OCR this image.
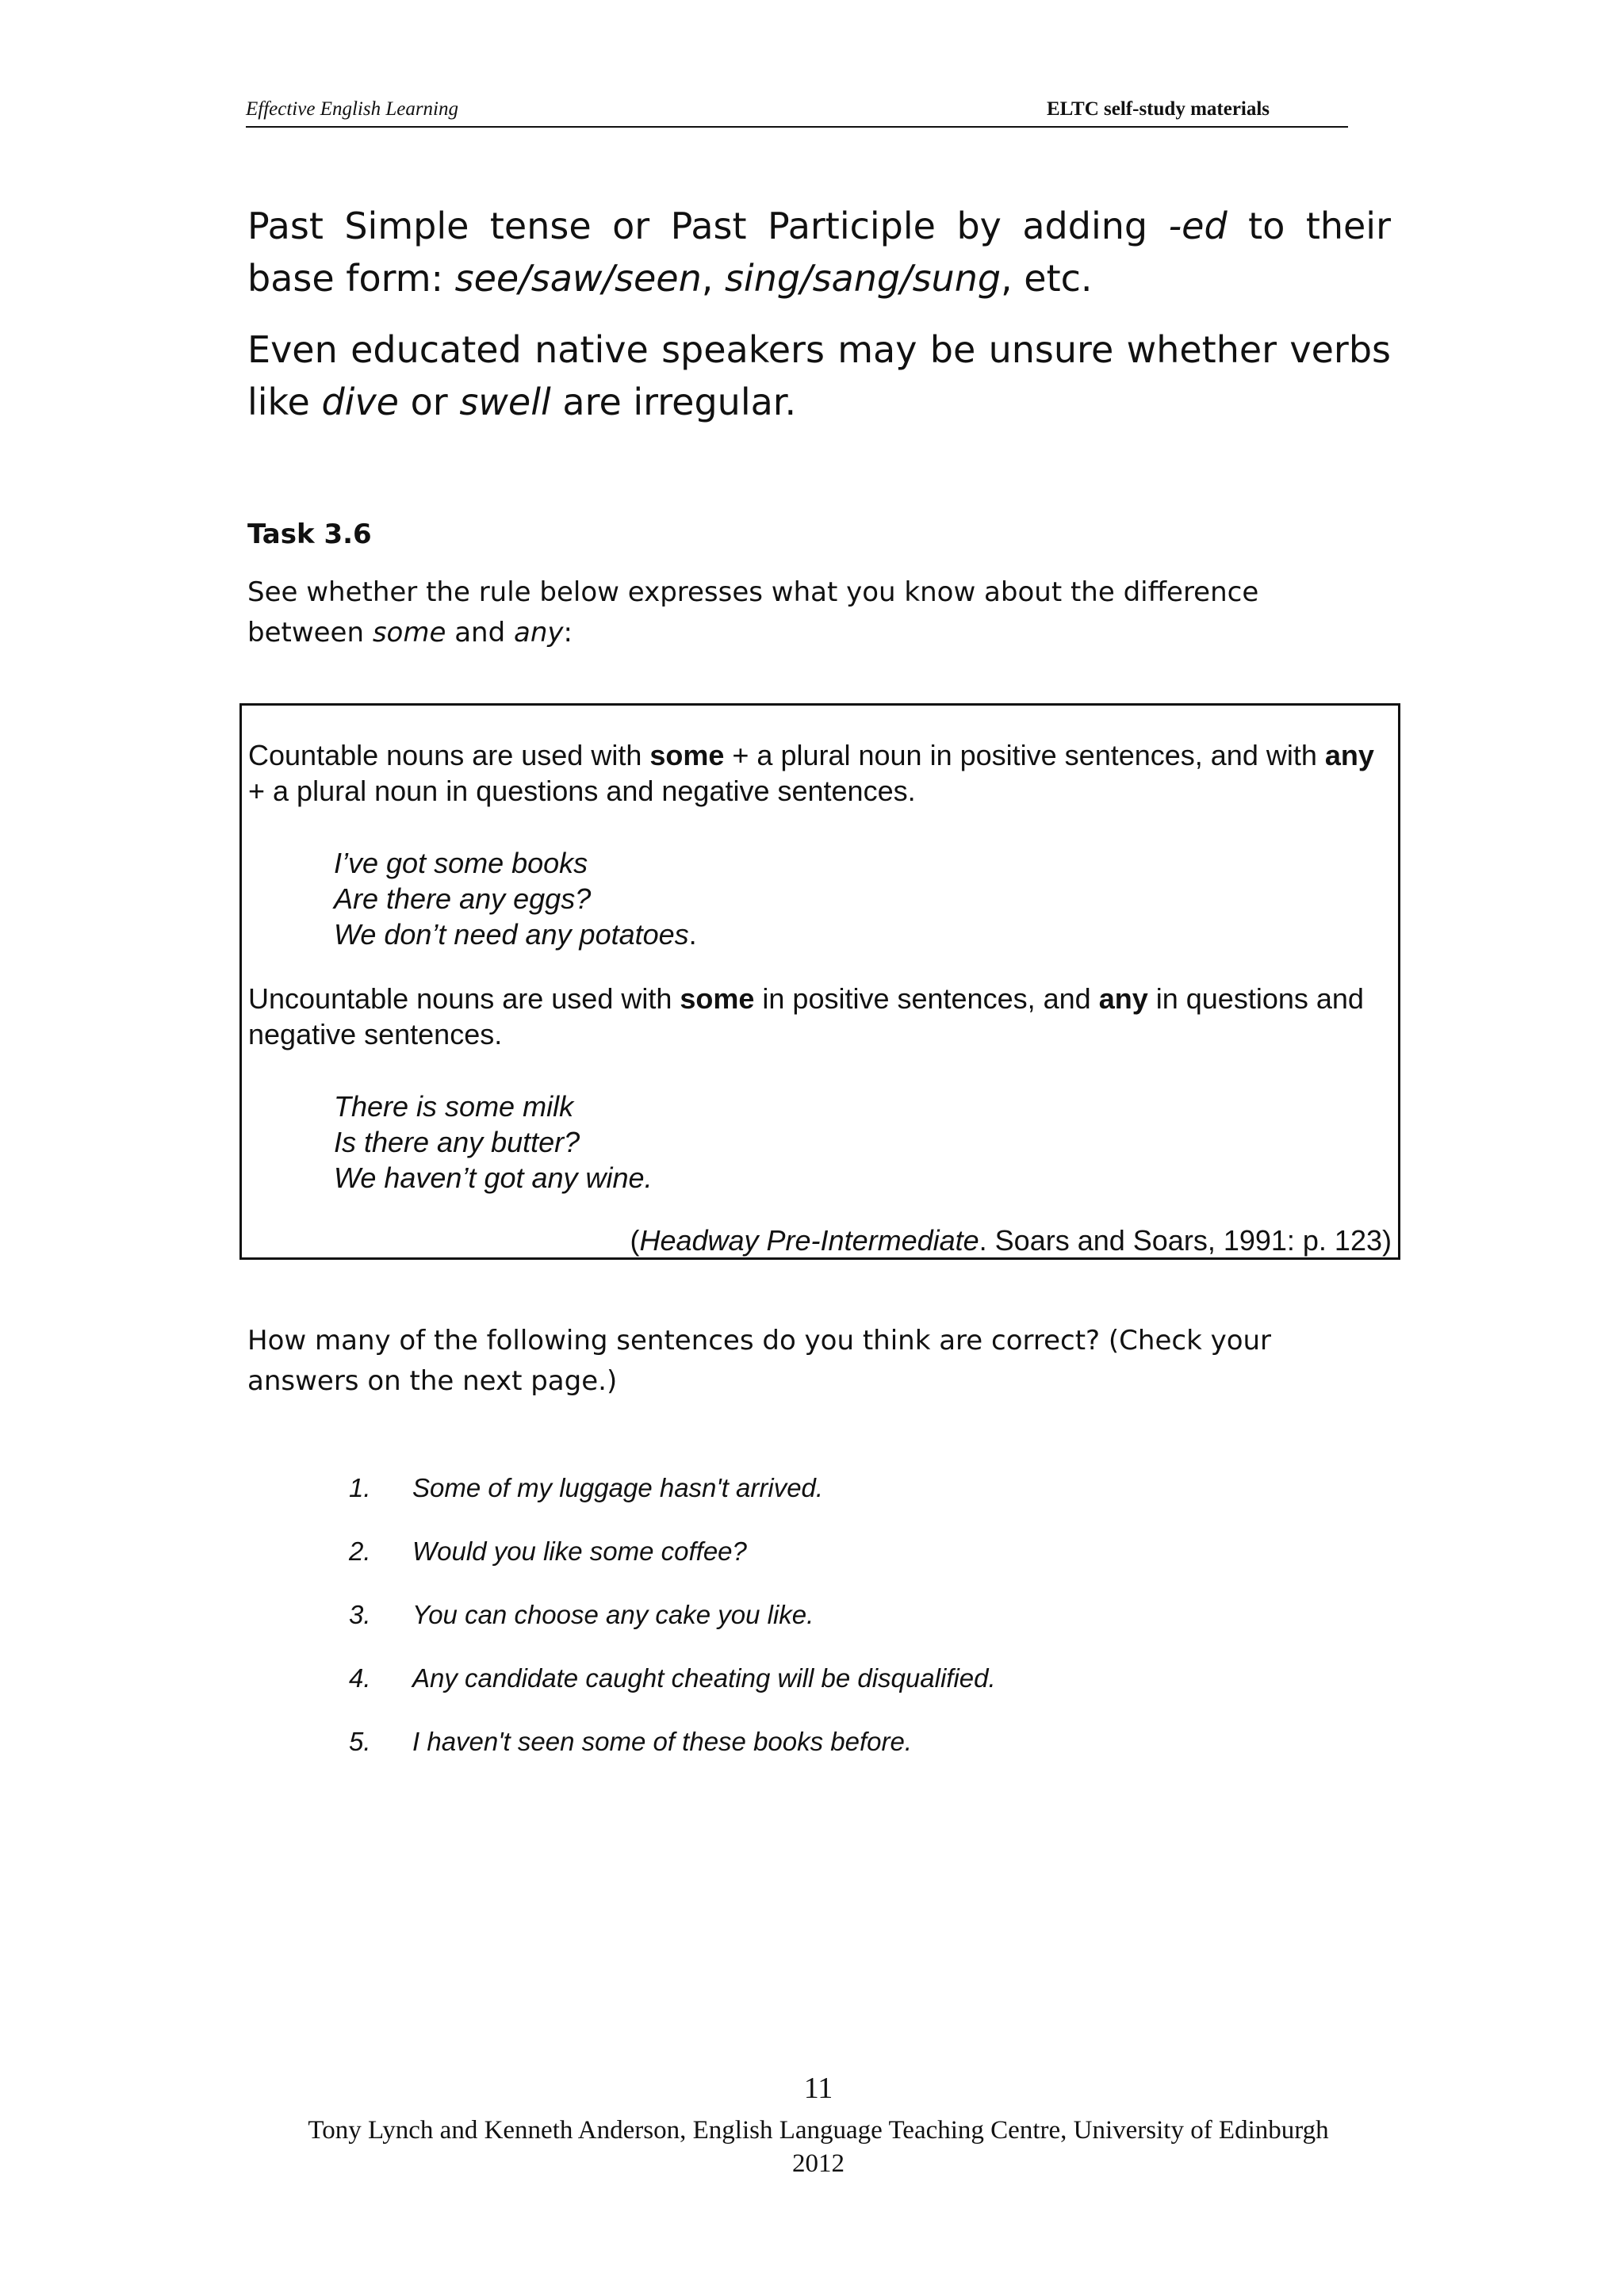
Effective English Learning	ELTC self-study materials

Past Simple tense or Past Participle by adding -ed to their base form: see/saw/seen, sing/sang/sung, etc.

Even educated native speakers may be unsure whether verbs like dive or swell are irregular.

Task 3.6

See whether the rule below expresses what you know about the difference between some and any:

Countable nouns are used with some + a plural noun in positive sentences, and with any + a plural noun in questions and negative sentences.

I’ve got some books
Are there any eggs?
We don’t need any potatoes.

Uncountable nouns are used with some in positive sentences, and any in questions and negative sentences.

There is some milk
Is there any butter?
We haven’t got any wine.
(Headway Pre-Intermediate. Soars and Soars, 1991: p. 123)

How many of the following sentences do you think are correct? (Check your answers on the next page.)

1. Some of my luggage hasn't arrived.
2. Would you like some coffee?
3. You can choose any cake you like.
4. Any candidate caught cheating will be disqualified.
5. I haven't seen some of these books before.
11

Tony Lynch and Kenneth Anderson, English Language Teaching Centre, University of Edinburgh
2012
